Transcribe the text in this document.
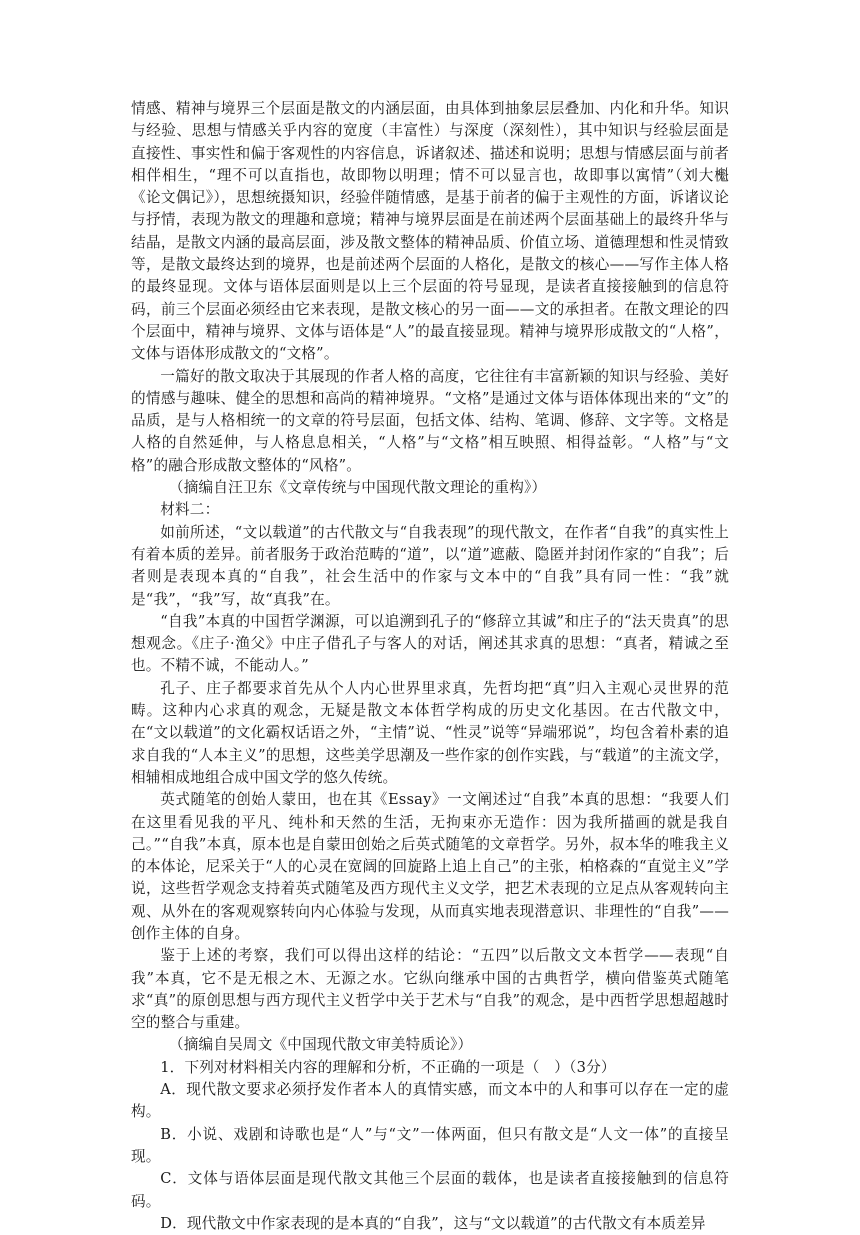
情感、精神与境界三个层面是散文的内涵层面，由具体到抽象层层叠加、内化和升华。知识与经验、思想与情感关乎内容的宽度（丰富性）与深度（深刻性），其中知识与经验层面是直接性、事实性和偏于客观性的内容信息，诉诸叙述、描述和说明；思想与情感层面与前者相伴相生，“理不可以直指也，故即物以明理；情不可以显言也，故即事以寓情”（刘大櫆《论文偶记》），思想统摄知识，经验伴随情感，是基于前者的偏于主观性的方面，诉诸议论与抒情，表现为散文的理趣和意境；精神与境界层面是在前述两个层面基础上的最终升华与结晶，是散文内涵的最高层面，涉及散文整体的精神品质、价值立场、道德理想和性灵情致等，是散文最终达到的境界，也是前述两个层面的人格化，是散文的核心——写作主体人格的最终显现。文体与语体层面则是以上三个层面的符号显现，是读者直接接触到的信息符码，前三个层面必须经由它来表现，是散文核心的另一面——文的承担者。在散文理论的四个层面中，精神与境界、文体与语体是“人”的最直接显现。精神与境界形成散文的“人格”，文体与语体形成散文的“文格”。

一篇好的散文取决于其展现的作者人格的高度，它往往有丰富新颖的知识与经验、美好的情感与趣味、健全的思想和高尚的精神境界。“文格”是通过文体与语体体现出来的“文”的品质，是与人格相统一的文章的符号层面，包括文体、结构、笔调、修辞、文字等。文格是人格的自然延伸，与人格息息相关，“人格”与“文格”相互映照、相得益彰。“人格”与“文格”的融合形成散文整体的“风格”。

（摘编自汪卫东《文章传统与中国现代散文理论的重构》）

材料二：

如前所述，“文以载道”的古代散文与“自我表现”的现代散文，在作者“自我”的真实性上有着本质的差异。前者服务于政治范畴的“道”，以“道”遮蔽、隐匿并封闭作家的“自我”；后者则是表现本真的“自我”，社会生活中的作家与文本中的“自我”具有同一性：“我”就是“我”，“我”写，故“真我”在。

“自我”本真的中国哲学渊源，可以追溯到孔子的“修辞立其诚”和庄子的“法天贵真”的思想观念。《庄子·渔父》中庄子借孔子与客人的对话，阐述其求真的思想：“真者，精诚之至也。不精不诚，不能动人。”

孔子、庄子都要求首先从个人内心世界里求真，先哲均把“真”归入主观心灵世界的范畴。这种内心求真的观念，无疑是散文本体哲学构成的历史文化基因。在古代散文中，在“文以载道”的文化霸权话语之外，“主情”说、“性灵”说等“异端邪说”，均包含着朴素的追求自我的“人本主义”的思想，这些美学思潮及一些作家的创作实践，与“载道”的主流文学，相辅相成地组合成中国文学的悠久传统。

英式随笔的创始人蒙田，也在其《Essay》一文阐述过“自我”本真的思想：“我要人们在这里看见我的平凡、纯朴和天然的生活，无拘束亦无造作：因为我所描画的就是我自己。”“自我”本真，原本也是自蒙田创始之后英式随笔的文章哲学。另外，叔本华的唯我主义的本体论，尼采关于“人的心灵在宽阔的回旋路上追上自己”的主张，柏格森的“直觉主义”学说，这些哲学观念支持着英式随笔及西方现代主义文学，把艺术表现的立足点从客观转向主观、从外在的客观观察转向内心体验与发现，从而真实地表现潜意识、非理性的“自我”——创作主体的自身。

鉴于上述的考察，我们可以得出这样的结论：“五四”以后散文文本哲学——表现“自我”本真，它不是无根之木、无源之水。它纵向继承中国的古典哲学，横向借鉴英式随笔求“真”的原创思想与西方现代主义哲学中关于艺术与“自我”的观念，是中西哲学思想超越时空的整合与重建。

（摘编自吴周文《中国现代散文审美特质论》）

1．下列对材料相关内容的理解和分析，不正确的一项是（　）（3分）

A．现代散文要求必须抒发作者本人的真情实感，而文本中的人和事可以存在一定的虚构。

B．小说、戏剧和诗歌也是“人”与“文”一体两面，但只有散文是“人文一体”的直接呈现。

C．文体与语体层面是现代散文其他三个层面的载体，也是读者直接接触到的信息符码。

D．现代散文中作家表现的是本真的“自我”，这与“文以载道”的古代散文有本质差异
